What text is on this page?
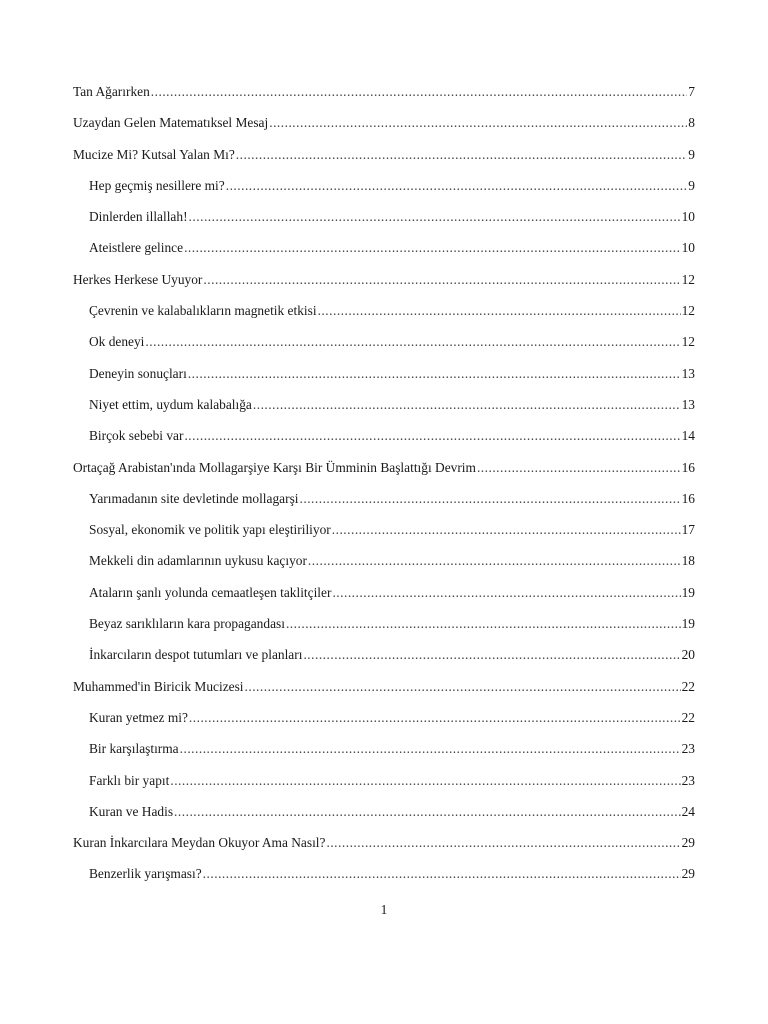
Tan Ağarırken .....	7
Uzaydan Gelen Matematıksel Mesaj .....	8
Mucize Mi? Kutsal Yalan Mı? .....	9
Hep geçmiş nesillere mi? .....	9
Dinlerden illallah! .....	10
Ateistlere gelince .....	10
Herkes Herkese Uyuyor .....	12
Çevrenin ve kalabalıkların magnetik etkisi .....	12
Ok deneyi .....	12
Deneyin sonuçları .....	13
Niyet ettim, uydum kalabalığa .....	13
Birçok sebebi var .....	14
Ortaçağ Arabistan'ında Mollagarşiye Karşı Bir Ümminin Başlattığı Devrim .....	16
Yarımadanın site devletinde mollagarşi .....	16
Sosyal, ekonomik ve politik yapı eleştiriliyor .....	17
Mekkeli din adamlarının uykusu kaçıyor .....	18
Ataların şanlı yolunda cemaatleşen taklitçiler .....	19
Beyaz sarıklıların kara propagandası .....	19
İnkarcıların despot tutumları ve planları .....	20
Muhammed'in Biricik Mucizesi .....	22
Kuran yetmez mi? .....	22
Bir karşılaştırma .....	23
Farklı bir yapıt .....	23
Kuran ve Hadis .....	24
Kuran İnkarcılara Meydan Okuyor Ama Nasıl? .....	29
Benzerlik yarışması? .....	29
1
